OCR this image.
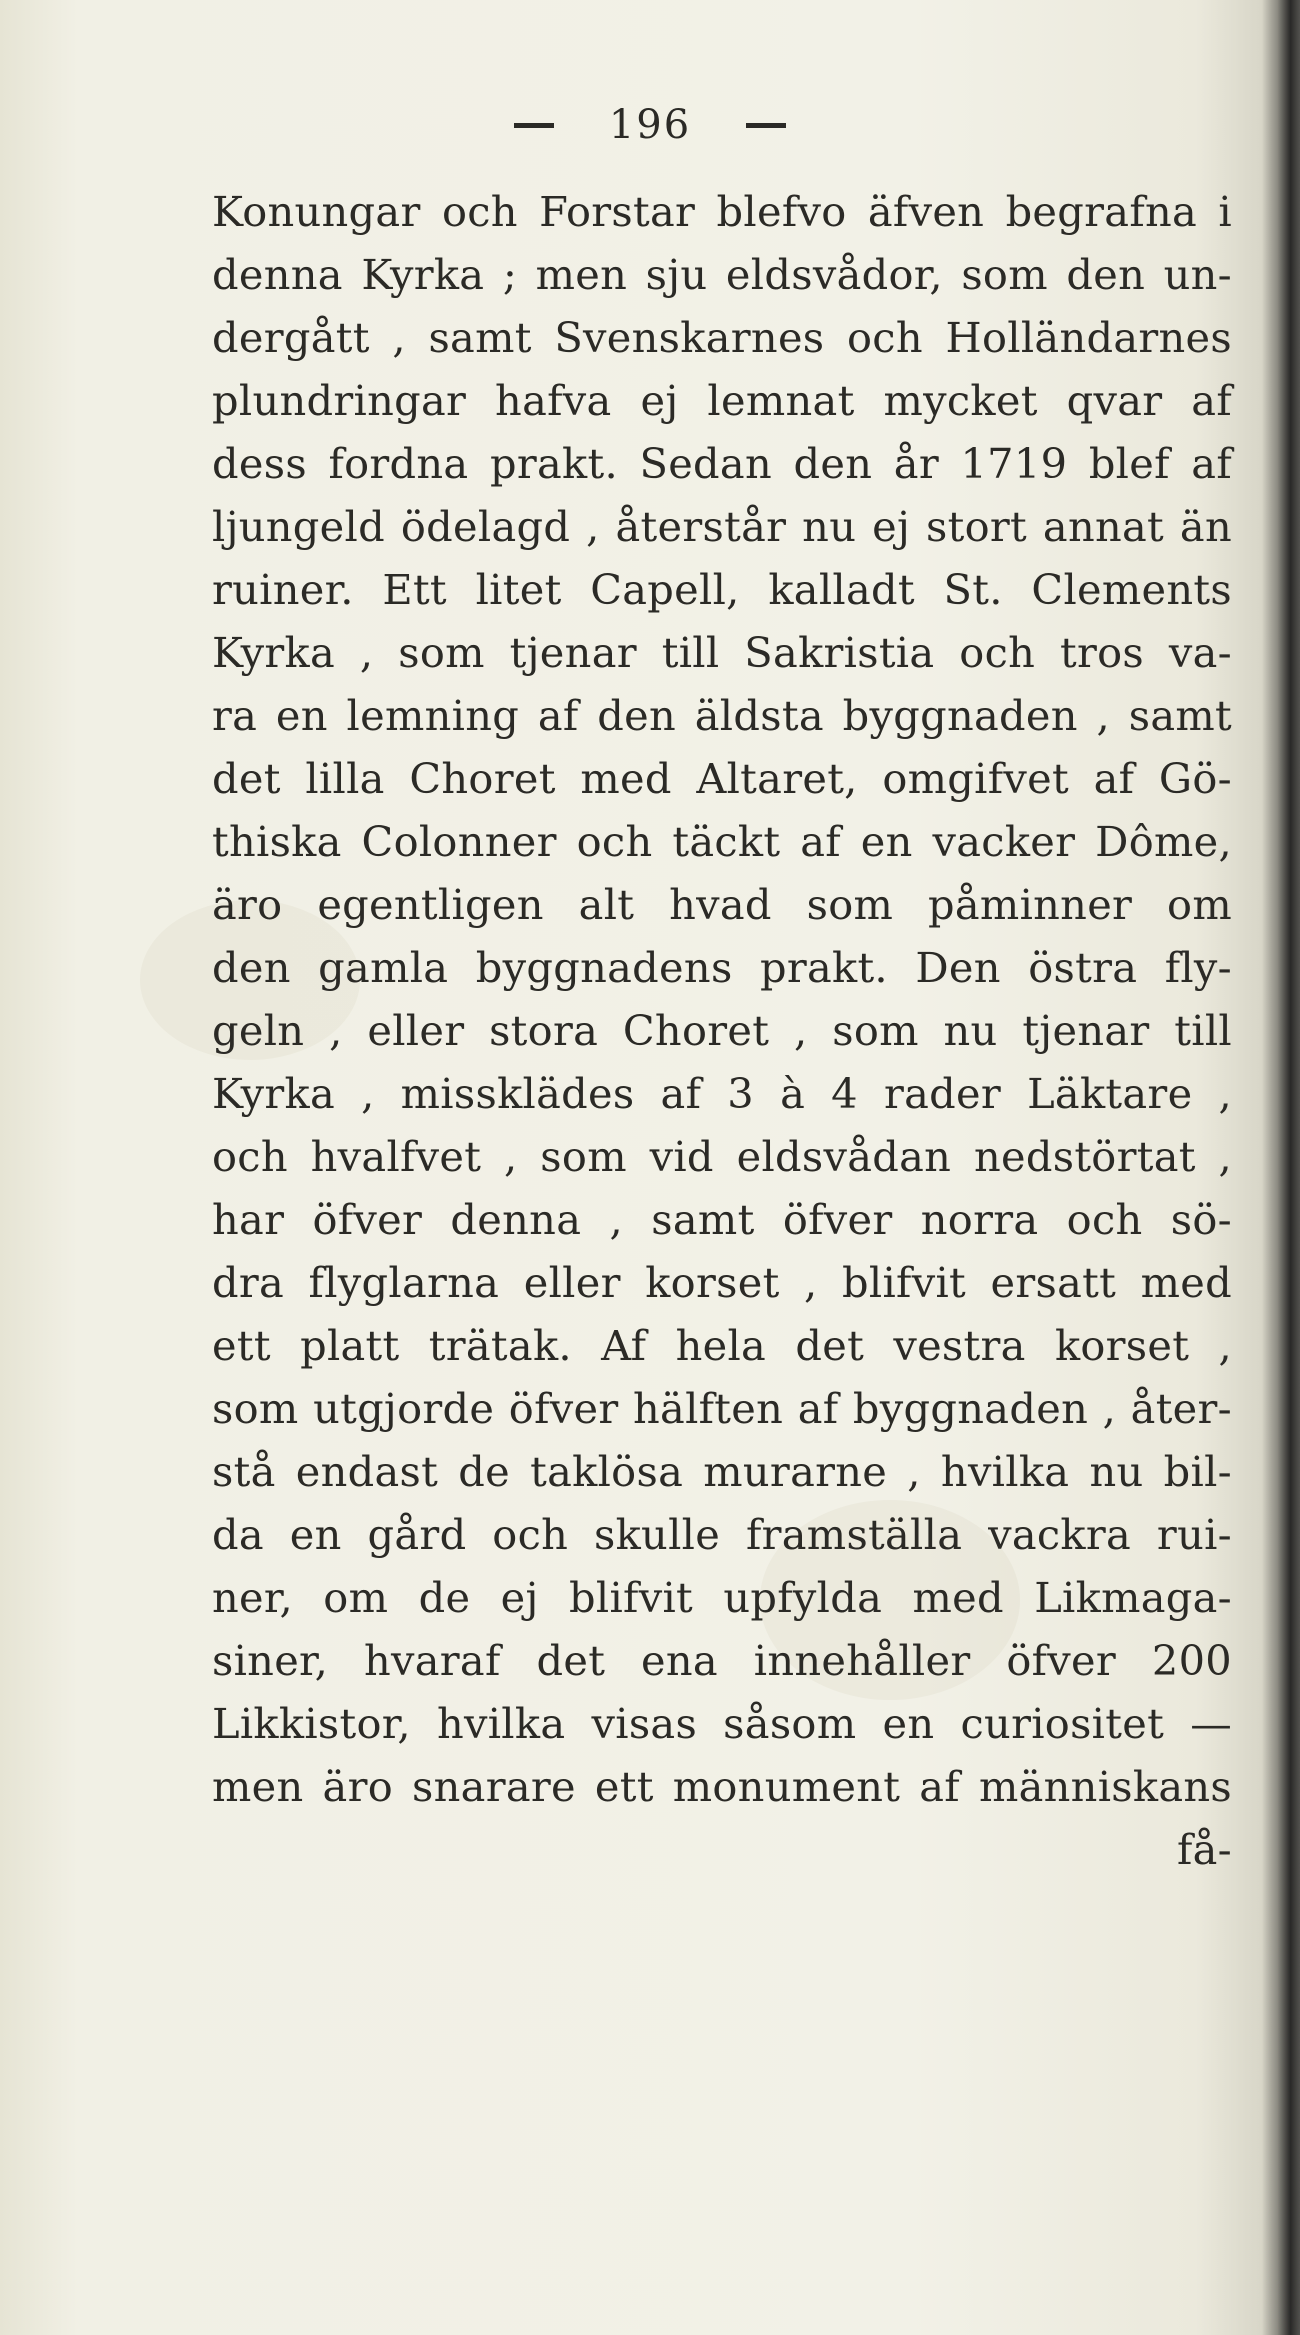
196
Konungar och Forstar blefvo äfven begrafna i
denna Kyrka ; men sju eldsvådor, som den un-
dergått , samt Svenskarnes och Holländarnes
plundringar hafva ej lemnat mycket qvar af
dess fordna prakt. Sedan den år 1719 blef af
ljungeld ödelagd , återstår nu ej stort annat än
ruiner. Ett litet Capell, kalladt St. Clements
Kyrka , som tjenar till Sakristia och tros va-
ra en lemning af den äldsta byggnaden , samt
det lilla Choret med Altaret, omgifvet af Gö-
thiska Colonner och täckt af en vacker Dôme,
äro egentligen alt hvad som påminner om
den gamla byggnadens prakt. Den östra fly-
geln , eller stora Choret , som nu tjenar till
Kyrka , missklädes af 3 à 4 rader Läktare ,
och hvalfvet , som vid eldsvådan nedstörtat ,
har öfver denna , samt öfver norra och sö-
dra flyglarna eller korset , blifvit ersatt med
ett platt trätak. Af hela det vestra korset ,
som utgjorde öfver hälften af byggnaden , åter-
stå endast de taklösa murarne , hvilka nu bil-
da en gård och skulle framställa vackra rui-
ner, om de ej blifvit upfylda med Likmaga-
siner, hvaraf det ena innehåller öfver 200
Likkistor, hvilka visas såsom en curiositet —
men äro snarare ett monument af människans
få-
